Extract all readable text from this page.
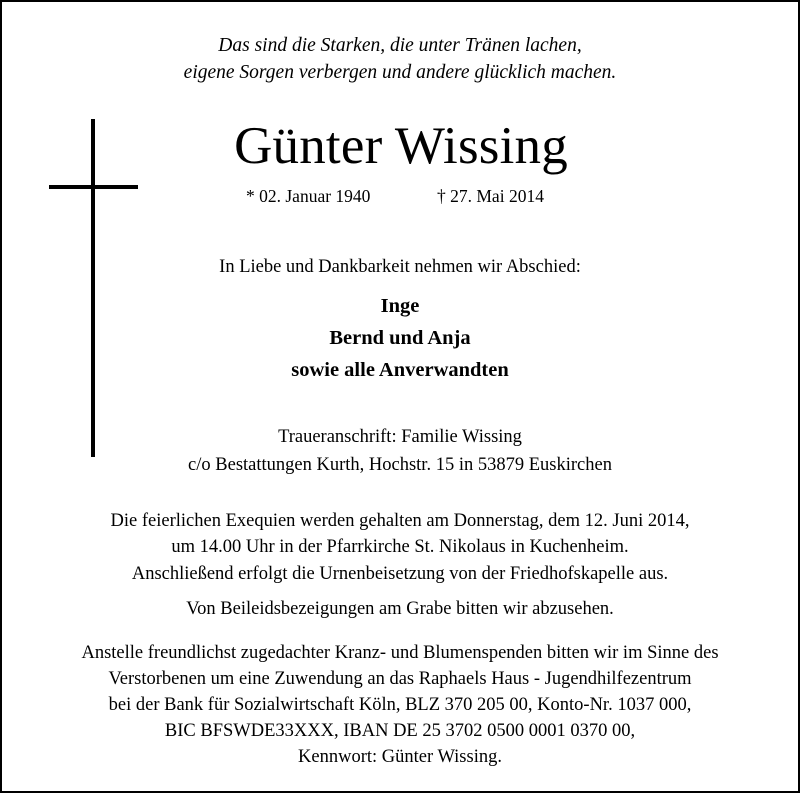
Das sind die Starken, die unter Tränen lachen,
eigene Sorgen verbergen und andere glücklich machen.
Günter Wissing
* 02. Januar 1940	† 27. Mai 2014
In Liebe und Dankbarkeit nehmen wir Abschied:
Inge
Bernd und Anja
sowie alle Anverwandten
Traueranschrift: Familie Wissing
c/o Bestattungen Kurth, Hochstr. 15 in 53879 Euskirchen
Die feierlichen Exequien werden gehalten am Donnerstag, dem 12. Juni 2014,
um 14.00 Uhr in der Pfarrkirche St. Nikolaus in Kuchenheim.
Anschließend erfolgt die Urnenbeisetzung von der Friedhofskapelle aus.
Von Beileidsbezeigungen am Grabe bitten wir abzusehen.
Anstelle freundlichst zugedachter Kranz- und Blumenspenden bitten wir im Sinne des
Verstorbenen um eine Zuwendung an das Raphaels Haus - Jugendhilfezentrum
bei der Bank für Sozialwirtschaft Köln, BLZ 370 205 00, Konto-Nr. 1037 000,
BIC BFSWDE33XXX, IBAN DE 25 3702 0500 0001 0370 00,
Kennwort: Günter Wissing.
